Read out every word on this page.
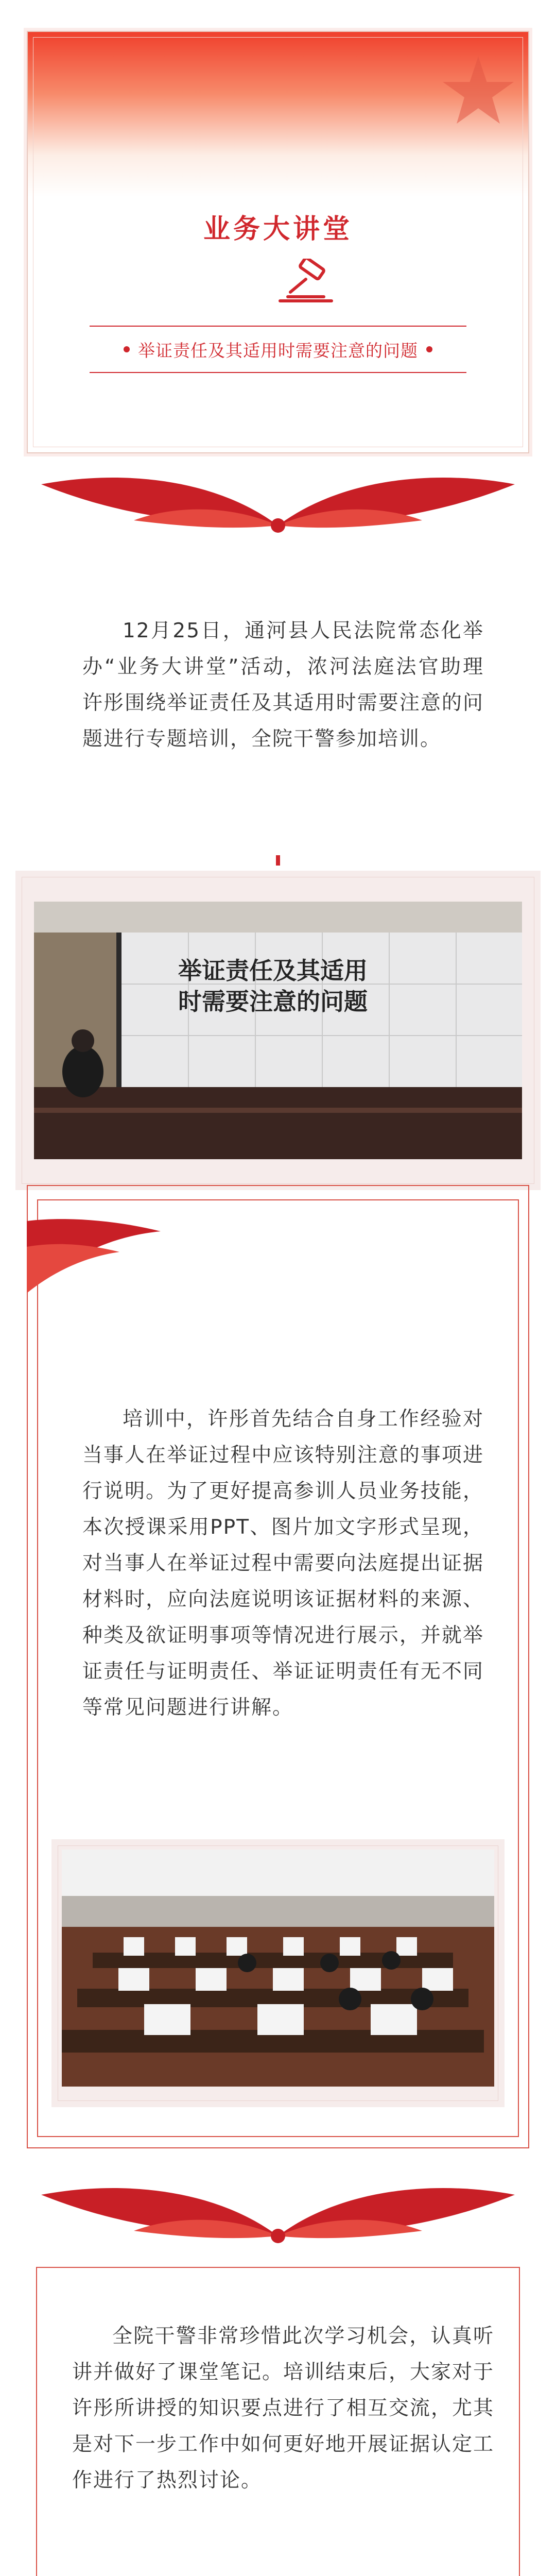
业务大讲堂
举证责任及其适用时需要注意的问题

12月25日，通河县人民法院常态化举办“业务大讲堂”活动，浓河法庭法官助理许彤围绕举证责任及其适用时需要注意的问题进行专题培训，全院干警参加培训。

举证责任及其适用
时需要注意的问题

培训中，许彤首先结合自身工作经验对当事人在举证过程中应该特别注意的事项进行说明。为了更好提高参训人员业务技能，本次授课采用PPT、图片加文字形式呈现，对当事人在举证过程中需要向法庭提出证据材料时，应向法庭说明该证据材料的来源、种类及欲证明事项等情况进行展示，并就举证责任与证明责任、举证证明责任有无不同等常见问题进行讲解。

全院干警非常珍惜此次学习机会，认真听讲并做好了课堂笔记。培训结束后，大家对于许彤所讲授的知识要点进行了相互交流，尤其是对下一步工作中如何更好地开展证据认定工作进行了热烈讨论。
